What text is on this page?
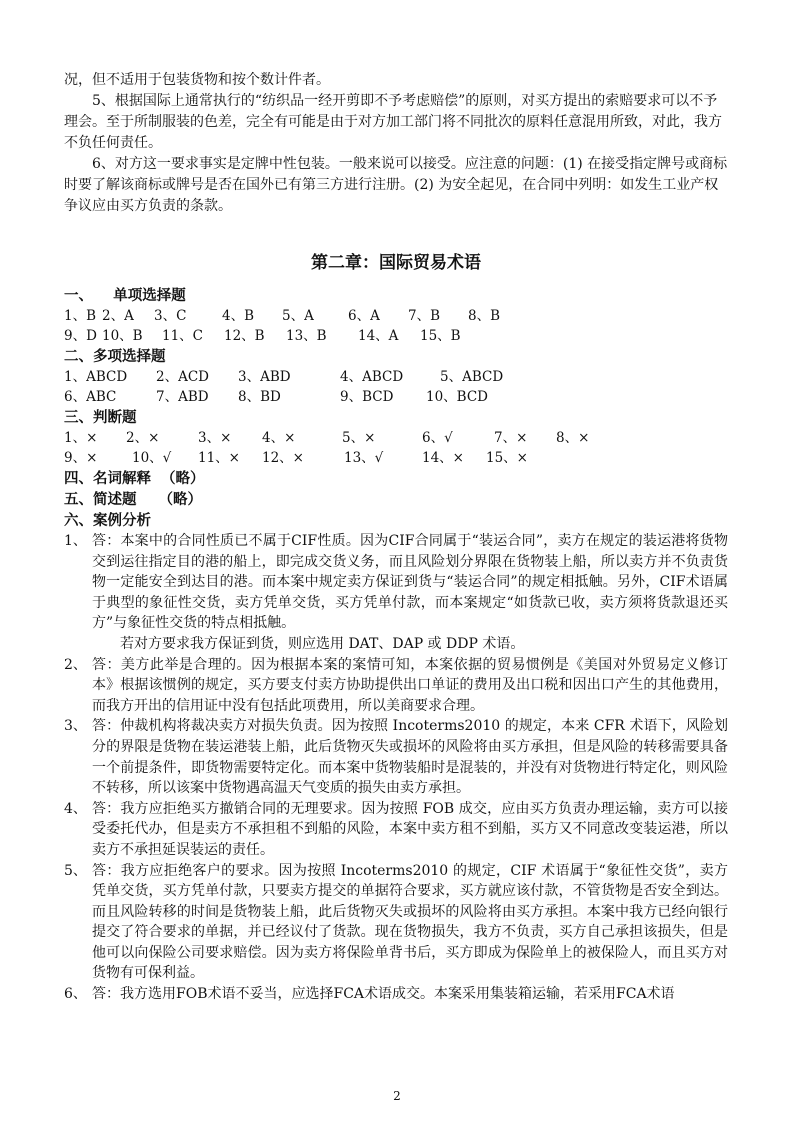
况，但不适用于包装货物和按个数计件者。

5、根据国际上通常执行的“纺织品一经开剪即不予考虑赔偿”的原则，对买方提出的索赔要求可以不予理会。至于所制服装的色差，完全有可能是由于对方加工部门将不同批次的原料任意混用所致，对此，我方不负任何责任。

6、对方这一要求事实是定牌中性包装。一般来说可以接受。应注意的问题：(1) 在接受指定牌号或商标时要了解该商标或牌号是否在国外已有第三方进行注册。(2) 为安全起见，在合同中列明：如发生工业产权争议应由买方负责的条款。

第二章：国际贸易术语
一、    单项选择题
1、B 2、A	3、C	4、B	5、A	6、A	7、B	8、B
9、D 10、B	11、C	12、B	13、B	14、A	15、B
二、多项选择题
1、ABCD	2、ACD	3、ABD	4、ABCD	5、ABCD
6、ABC	7、ABD	8、BD	9、BCD	10、BCD
三、判断题
1、×	2、×	3、×	4、×	5、×	6、√	7、×	8、×
9、×	10、√	11、×	12、×	13、√	14、×	15、×
四、名词解释 （略）
五、简述题 （略）
六、案例分析
1、 答：本案中的合同性质已不属于CIF性质。因为CIF合同属于“装运合同”，卖方在规定的装运港将货物交到运往指定目的港的船上，即完成交货义务，而且风险划分界限在货物装上船，所以卖方并不负责货物一定能安全到达目的港。而本案中规定卖方保证到货与“装运合同”的规定相抵触。另外，CIF术语属于典型的象征性交货，卖方凭单交货，买方凭单付款，而本案规定“如货款已收，卖方须将货款退还买方”与象征性交货的特点相抵触。

若对方要求我方保证到货，则应选用 DAT、DAP 或 DDP 术语。

2、 答：美方此举是合理的。因为根据本案的案情可知，本案依据的贸易惯例是《美国对外贸易定义修订本》根据该惯例的规定，买方要支付卖方协助提供出口单证的费用及出口税和因出口产生的其他费用，而我方开出的信用证中没有包括此项费用，所以美商要求合理。
3、 答：仲裁机构将裁决卖方对损失负责。因为按照 Incoterms2010 的规定，本来 CFR 术语下，风险划分的界限是货物在装运港装上船，此后货物灭失或损坏的风险将由买方承担，但是风险的转移需要具备一个前提条件，即货物需要特定化。而本案中货物装船时是混装的，并没有对货物进行特定化，则风险不转移，所以该案中货物遇高温天气变质的损失由卖方承担。
4、 答：我方应拒绝买方撤销合同的无理要求。因为按照 FOB 成交，应由买方负责办理运输，卖方可以接受委托代办，但是卖方不承担租不到船的风险，本案中卖方租不到船，买方又不同意改变装运港，所以卖方不承担延误装运的责任。
5、 答：我方应拒绝客户的要求。因为按照 Incoterms2010 的规定，CIF 术语属于“象征性交货”，卖方凭单交货，买方凭单付款，只要卖方提交的单据符合要求，买方就应该付款，不管货物是否安全到达。而且风险转移的时间是货物装上船，此后货物灭失或损坏的风险将由买方承担。本案中我方已经向银行提交了符合要求的单据，并已经议付了货款。现在货物损失，我方不负责，买方自己承担该损失，但是他可以向保险公司要求赔偿。因为卖方将保险单背书后，买方即成为保险单上的被保险人，而且买方对货物有可保利益。
6、 答：我方选用FOB术语不妥当，应选择FCA术语成交。本案采用集装箱运输，若采用FCA术语
2
